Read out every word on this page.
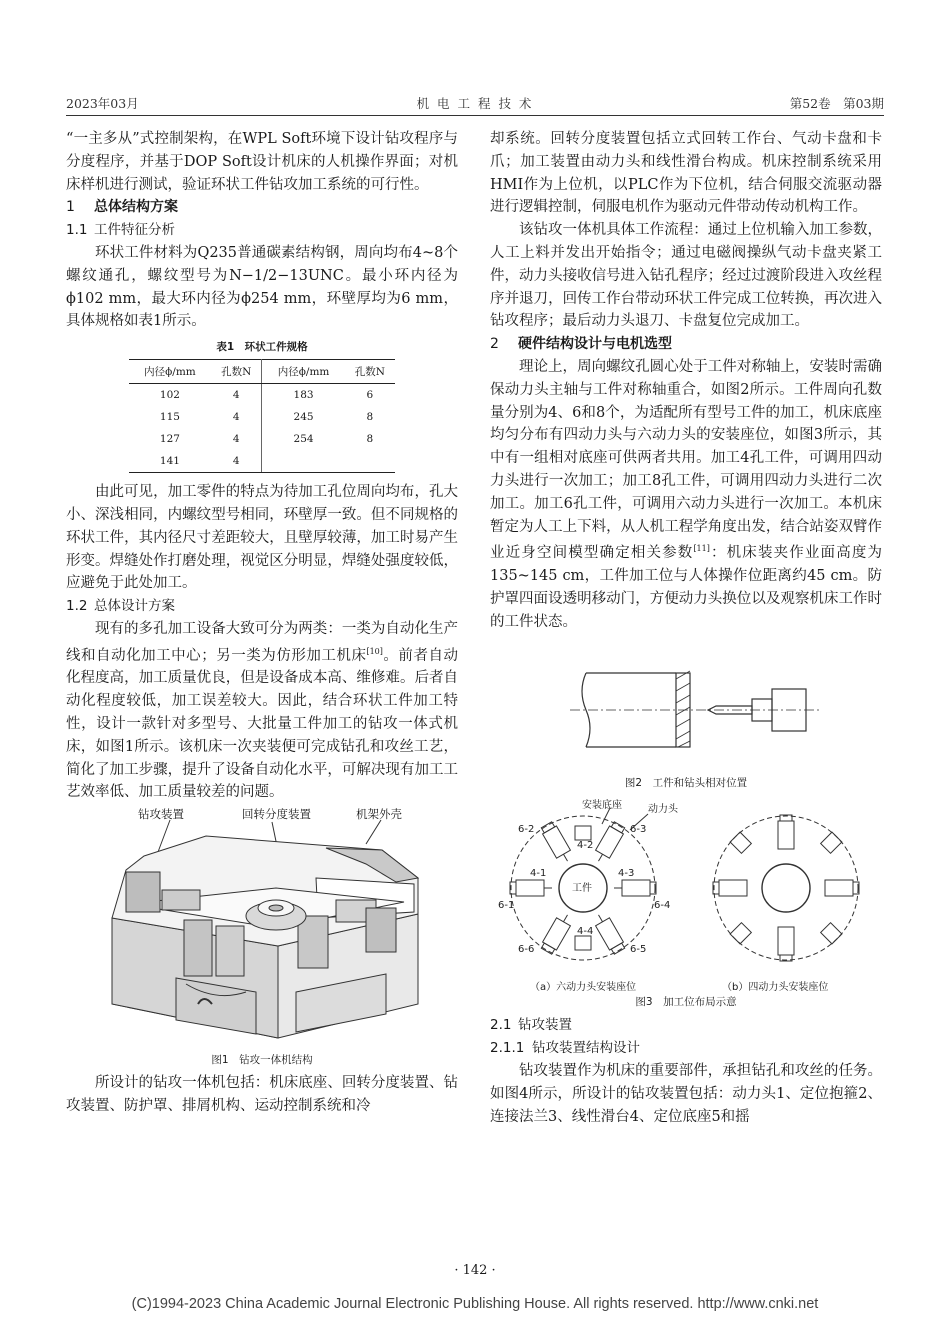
2023年03月	机 电 工 程 技 术	第52卷　第03期

“一主多从”式控制架构，在WPL Soft环境下设计钻攻程序与分度程序，并基于DOP Soft设计机床的人机操作界面；对机床样机进行测试，验证环状工件钻攻加工系统的可行性。

1 总体结构方案
1.1 工件特征分析

环状工件材料为Q235普通碳素结构钢，周向均布4~8个螺纹通孔，螺纹型号为N−1/2−13UNC。最小环内径为ϕ102 mm，最大环内径为ϕ254 mm，环壁厚均为6 mm，具体规格如表1所示。

表1　环状工件规格
内径ϕ/mm	孔数N	内径ϕ/mm	孔数N
102	4	183	6
115	4	245	8
127	4	254	8
141	4		

由此可见，加工零件的特点为待加工孔位周向均布，孔大小、深浅相同，内螺纹型号相同，环壁厚一致。但不同规格的环状工件，其内径尺寸差距较大，且壁厚较薄，加工时易产生形变。焊缝处作打磨处理，视觉区分明显，焊缝处强度较低，应避免于此处加工。

1.2 总体设计方案

现有的多孔加工设备大致可分为两类：一类为自动化生产线和自动化加工中心；另一类为仿形加工机床[10]。前者自动化程度高，加工质量优良，但是设备成本高、维修难。后者自动化程度较低，加工误差较大。因此，结合环状工件加工特性，设计一款针对多型号、大批量工件加工的钻攻一体式机床，如图1所示。该机床一次夹装便可完成钻孔和攻丝工艺，简化了加工步骤，提升了设备自动化水平，可解决现有加工工艺效率低、加工质量较差的问题。

钻攻装置	回转分度装置	机架外壳
图1　钻攻一体机结构

所设计的钻攻一体机包括：机床底座、回转分度装置、钻攻装置、防护罩、排屑机构、运动控制系统和冷

却系统。回转分度装置包括立式回转工作台、气动卡盘和卡爪；加工装置由动力头和线性滑台构成。机床控制系统采用HMI作为上位机，以PLC作为下位机，结合伺服交流驱动器进行逻辑控制，伺服电机作为驱动元件带动传动机构工作。

该钻攻一体机具体工作流程：通过上位机输入加工参数，人工上料并发出开始指令；通过电磁阀操纵气动卡盘夹紧工件，动力头接收信号进入钻孔程序；经过过渡阶段进入攻丝程序并退刀，回传工作台带动环状工件完成工位转换，再次进入钻攻程序；最后动力头退刀、卡盘复位完成加工。

2 硬件结构设计与电机选型

理论上，周向螺纹孔圆心处于工件对称轴上，安装时需确保动力头主轴与工件对称轴重合，如图2所示。工件周向孔数量分别为4、6和8个，为适配所有型号工件的加工，机床底座均匀分布有四动力头与六动力头的安装座位，如图3所示，其中有一组相对底座可供两者共用。加工4孔工件，可调用四动力头进行一次加工；加工8孔工件，可调用四动力头进行二次加工。加工6孔工件，可调用六动力头进行一次加工。本机床暂定为人工上下料，从人机工程学角度出发，结合站姿双臂作业近身空间模型确定相关参数[11]：机床装夹作业面高度为135~145 cm，工件加工位与人体操作位距离约45 cm。防护罩四面设透明移动门，方便动力头换位以及观察机床工作时的工件状态。

图2　工件和钻头相对位置
安装底座	动力头
工件
6-2
4-2
6-3
4-1	4-3
6-1	6-4
6-6
4-4
6-5
（a）六动力头安装座位	（b）四动力头安装座位
图3　加工位布局示意
2.1 钻攻装置
2.1.1 钻攻装置结构设计

钻攻装置作为机床的重要部件，承担钻孔和攻丝的任务。如图4所示，所设计的钻攻装置包括：动力头1、定位抱箍2、连接法兰3、线性滑台4、定位底座5和摇

· 142 ·
(C)1994-2023 China Academic Journal Electronic Publishing House. All rights reserved. http://www.cnki.net
